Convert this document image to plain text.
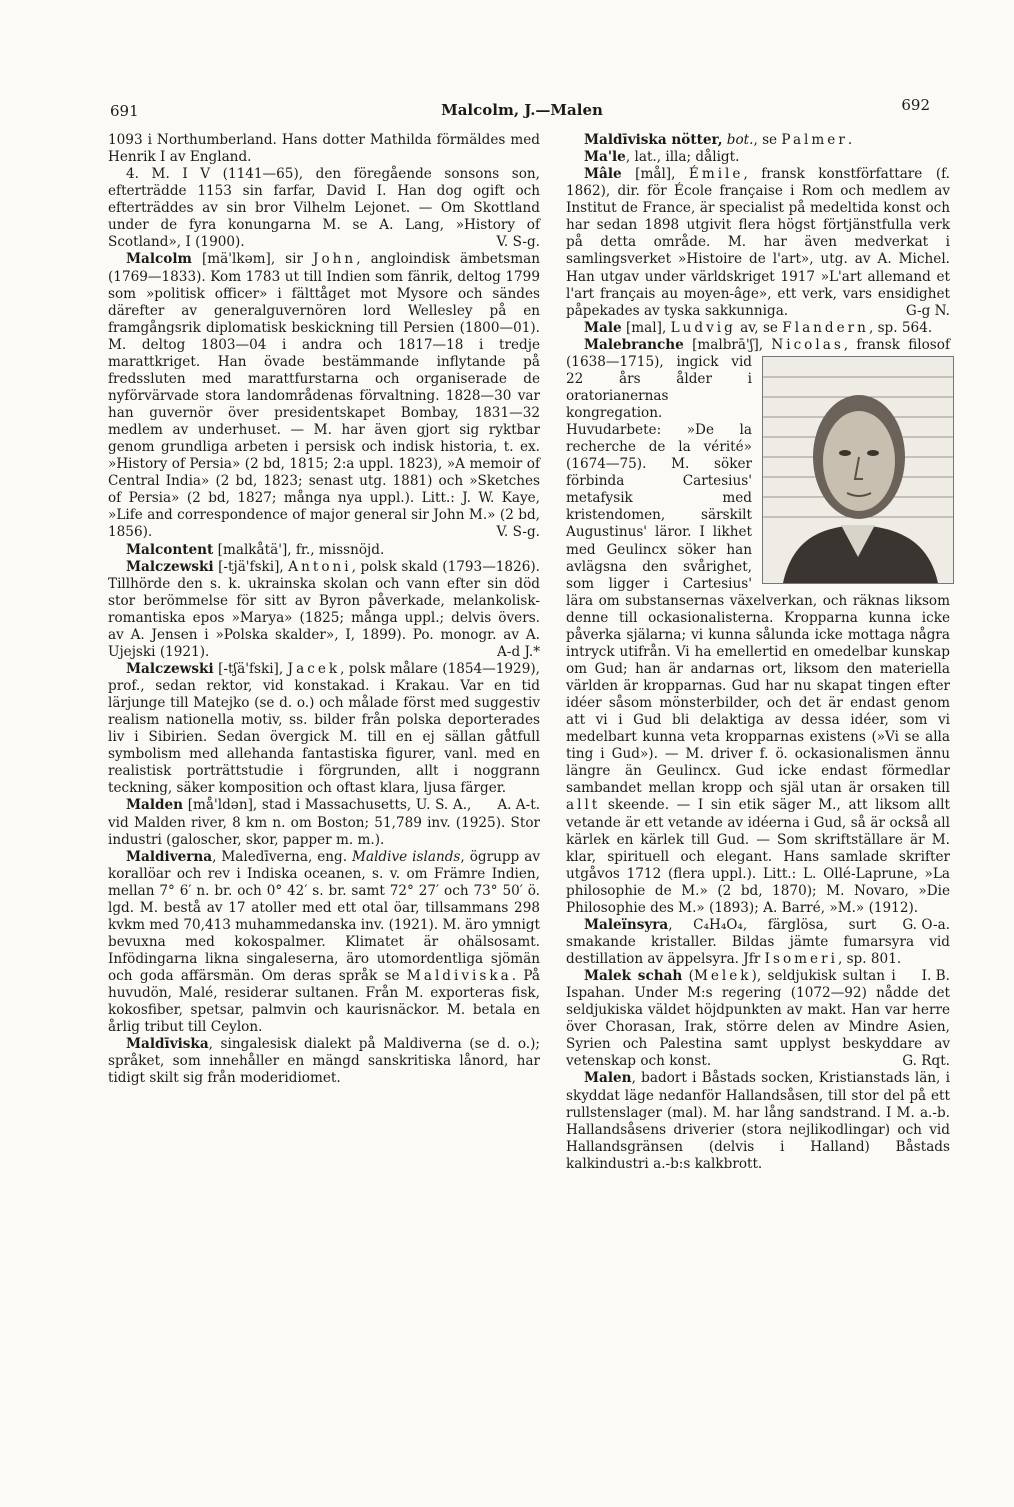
691	Malcolm, J.—Malen	692

1093 i Northumberland. Hans dotter Mathilda förmäldes med Henrik I av England.

4. M. I V (1141—65), den föregående sonsons son, efterträdde 1153 sin farfar, David I. Han dog ogift och efterträddes av sin bror Vilhelm Lejonet. — Om Skottland under de fyra konungarna M. se A. Lang, »History of Scotland», I (1900).	V. S-g.

Malcolm [mä'lkəm], sir John, angloindisk ämbetsman (1769—1833). Kom 1783 ut till Indien som fänrik, deltog 1799 som »politisk officer» i fälttåget mot Mysore och sändes därefter av generalguvernören lord Wellesley på en framgångsrik diplomatisk beskickning till Persien (1800—01). M. deltog 1803—04 i andra och 1817—18 i tredje marattkriget. Han övade bestämmande inflytande på fredssluten med marattfurstarna och organiserade de nyförvärvade stora landområdenas förvaltning. 1828—30 var han guvernör över presidentskapet Bombay, 1831—32 medlem av underhuset. — M. har även gjort sig ryktbar genom grundliga arbeten i persisk och indisk historia, t. ex. »History of Persia» (2 bd, 1815; 2:a uppl. 1823), »A memoir of Central India» (2 bd, 1823; senast utg. 1881) och »Sketches of Persia» (2 bd, 1827; många nya uppl.). Litt.: J. W. Kaye, »Life and correspondence of major general sir John M.» (2 bd, 1856).	V. S-g.

Malcontent [malkåtä'], fr., missnöjd.

Malczewski [-tjä'fski], Antoni, polsk skald (1793—1826). Tillhörde den s. k. ukrainska skolan och vann efter sin död stor berömmelse för sitt av Byron påverkade, melankolisk-romantiska epos »Marya» (1825; många uppl.; delvis övers. av A. Jensen i »Polska skalder», I, 1899). Po. monogr. av A. Ujejski (1921).	A-d J.*

Malczewski [-tʃä'fski], Jacek, polsk målare (1854—1929), prof., sedan rektor, vid konstakad. i Krakau. Var en tid lärjunge till Matejko (se d. o.) och målade först med suggestiv realism nationella motiv, ss. bilder från polska deporterades liv i Sibirien. Sedan övergick M. till en ej sällan gåtfull symbolism med allehanda fantastiska figurer, vanl. med en realistisk porträttstudie i förgrunden, allt i noggrann teckning, säker komposition och oftast klara, ljusa färger.
A. A-t.

Malden [må'ldən], stad i Massachusetts, U. S. A., vid Malden river, 8 km n. om Boston; 51,789 inv. (1925). Stor industri (galoscher, skor, papper m. m.).

Maldiverna, Maledīverna, eng. Maldive islands, ögrupp av korallöar och rev i Indiska oceanen, s. v. om Främre Indien, mellan 7° 6′ n. br. och 0° 42′ s. br. samt 72° 27′ och 73° 50′ ö. lgd. M. bestå av 17 atoller med ett otal öar, tillsammans 298 kvkm med 70,413 muhammedanska inv. (1921). M. äro ymnigt bevuxna med kokospalmer. Klimatet är ohälsosamt. Infödingarna likna singaleserna, äro utomordentliga sjömän och goda affärsmän. Om deras språk se Maldiviska. På huvudön, Malé, residerar sultanen. Från M. exporteras fisk, kokosfiber, spetsar, palmvin och kaurisnäckor. M. betala en årlig tribut till Ceylon.

Maldīviska, singalesisk dialekt på Maldiverna (se d. o.); språket, som innehåller en mängd sanskritiska lånord, har tidigt skilt sig från moderidiomet.

Maldīviska nötter, bot., se Palmer.

Ma'le, lat., illa; dåligt.

Mâle [mål], Émile, fransk konstförfattare (f. 1862), dir. för École française i Rom och medlem av Institut de France, är specialist på medeltida konst och har sedan 1898 utgivit flera högst förtjänstfulla verk på detta område. M. har även medverkat i samlingsverket »Histoire de l'art», utg. av A. Michel. Han utgav under världskriget 1917 »L'art allemand et l'art français au moyen-âge», ett verk, vars ensidighet påpekades av tyska sakkunniga.	G-g N.

Male [mal], Ludvig av, se Flandern, sp. 564.

Malebranche [malbrā'ʃ], Nicolas
, fransk filosof (1638—1715), ingick vid 22 års ålder i oratorianernas kongregation. Huvudarbete: »De la recherche de la vérité» (1674—75). M. söker förbinda Cartesius' metafysik med kristendomen, särskilt Augustinus' läror. I likhet med Geulincx söker han avlägsna den svårighet, som ligger i Cartesius' lära om substansernas växelverkan, och räknas liksom denne till ockasionalisterna. Kropparna kunna icke påverka själarna; vi kunna sålunda icke mottaga några intryck utifrån. Vi ha emellertid en omedelbar kunskap om Gud; han är andarnas ort, liksom den materiella världen är kropparnas. Gud har nu skapat tingen efter idéer såsom mönsterbilder, och det är endast genom att vi i Gud bli delaktiga av dessa idéer, som vi medelbart kunna veta kropparnas existens (»Vi se alla ting i Gud»). — M. driver f. ö. ockasionalismen ännu längre än Geulincx. Gud icke endast förmedlar sambandet mellan kropp och själ utan är orsaken till allt skeende. — I sin etik säger M., att liksom allt vetande är ett vetande av idéerna i Gud, så är också all kärlek en kärlek till Gud. — Som skriftställare är M. klar, spirituell och elegant. Hans samlade skrifter utgåvos 1712 (flera uppl.). Litt.: L. Ollé-Laprune, »La philosophie de M.» (2 bd, 1870); M. Novaro, »Die Philosophie des M.» (1893); A. Barré, »M.» (1912).
G. O-a.

Maleïnsyra, C₄H₄O₄, färglösa, surt smakande kristaller. Bildas jämte fumarsyra vid destillation av äppelsyra. Jfr Isomeri, sp. 801.
I. B.

Malek schah (Melek), seldjukisk sultan i Ispahan. Under M:s regering (1072—92) nådde det seldjukiska väldet höjdpunkten av makt. Han var herre över Chorasan, Irak, större delen av Mindre Asien, Syrien och Palestina samt upplyst beskyddare av vetenskap och konst.	G. Rqt.

Malen, badort i Båstads socken, Kristianstads län, i skyddat läge nedanför Hallandsåsen, till stor del på ett rullstenslager (mal). M. har lång sandstrand. I M. a.-b. Hallandsåsens driverier (stora nejlikodlingar) och vid Hallandsgränsen (delvis i Halland) Båstads kalkindustri a.-b:s kalkbrott.
